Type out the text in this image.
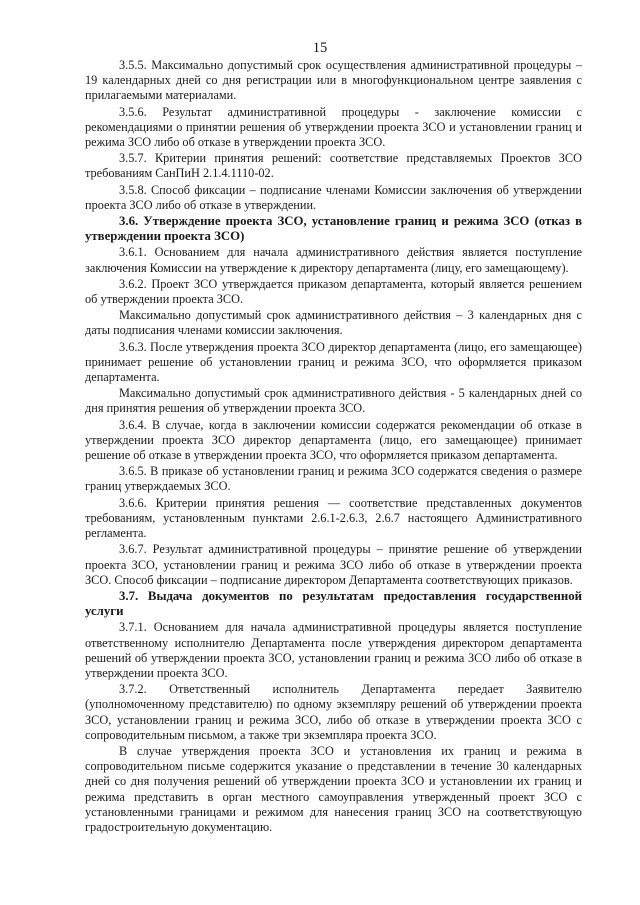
15

3.5.5. Максимально допустимый срок осуществления административной процедуры – 19 календарных дней со дня регистрации или в многофункциональном центре заявления с прилагаемыми материалами.

3.5.6. Результат административной процедуры - заключение комиссии с рекомендациями о принятии решения об утверждении проекта ЗСО и установлении границ и режима ЗСО либо об отказе в утверждении проекта ЗСО.

3.5.7. Критерии принятия решений: соответствие представляемых Проектов ЗСО требованиям СанПиН 2.1.4.1110-02.

3.5.8. Способ фиксации – подписание членами Комиссии заключения об утверждении проекта ЗСО либо об отказе в утверждении.

3.6. Утверждение проекта ЗСО, установление границ и режима ЗСО (отказ в утверждении проекта ЗСО)

3.6.1. Основанием для начала административного действия является поступление заключения Комиссии на утверждение к директору департамента (лицу, его замещающему).

3.6.2. Проект ЗСО утверждается приказом департамента, который является решением об утверждении проекта ЗСО.

Максимально допустимый срок административного действия – 3 календарных дня с даты подписания членами комиссии заключения.

3.6.3. После утверждения проекта ЗСО директор департамента (лицо, его замещающее) принимает решение об установлении границ и режима ЗСО, что оформляется приказом департамента.

Максимально допустимый срок административного действия - 5 календарных дней со дня принятия решения об утверждении проекта ЗСО.

3.6.4. В случае, когда в заключении комиссии содержатся рекомендации об отказе в утверждении проекта ЗСО директор департамента (лицо, его замещающее) принимает решение об отказе в утверждении проекта ЗСО, что оформляется приказом департамента.

3.6.5. В приказе об установлении границ и режима ЗСО содержатся сведения о размере границ утверждаемых ЗСО.

3.6.6. Критерии принятия решения — соответствие представленных документов требованиям, установленным пунктами 2.6.1-2.6.3, 2.6.7 настоящего Административного регламента.

3.6.7. Результат административной процедуры – принятие решение об утверждении проекта ЗСО, установлении границ и режима ЗСО либо об отказе в утверждении проекта ЗСО. Способ фиксации – подписание директором Департамента соответствующих приказов.

3.7. Выдача документов по результатам предоставления государственной услуги

3.7.1. Основанием для начала административной процедуры является поступление ответственному исполнителю Департамента после утверждения директором департамента решений об утверждении проекта ЗСО, установлении границ и режима ЗСО либо об отказе в утверждении проекта ЗСО.

3.7.2. Ответственный исполнитель Департамента передает Заявителю (уполномоченному представителю) по одному экземпляру решений об утверждении проекта ЗСО, установлении границ и режима ЗСО, либо об отказе в утверждении проекта ЗСО с сопроводительным письмом, а также три экземпляра проекта ЗСО.

В случае утверждения проекта ЗСО и установления их границ и режима в сопроводительном письме содержится указание о представлении в течение 30 календарных дней со дня получения решений об утверждении проекта ЗСО и установлении их границ и режима представить в орган местного самоуправления утвержденный проект ЗСО с установленными границами и режимом для нанесения границ ЗСО на соответствующую градостроительную документацию.
